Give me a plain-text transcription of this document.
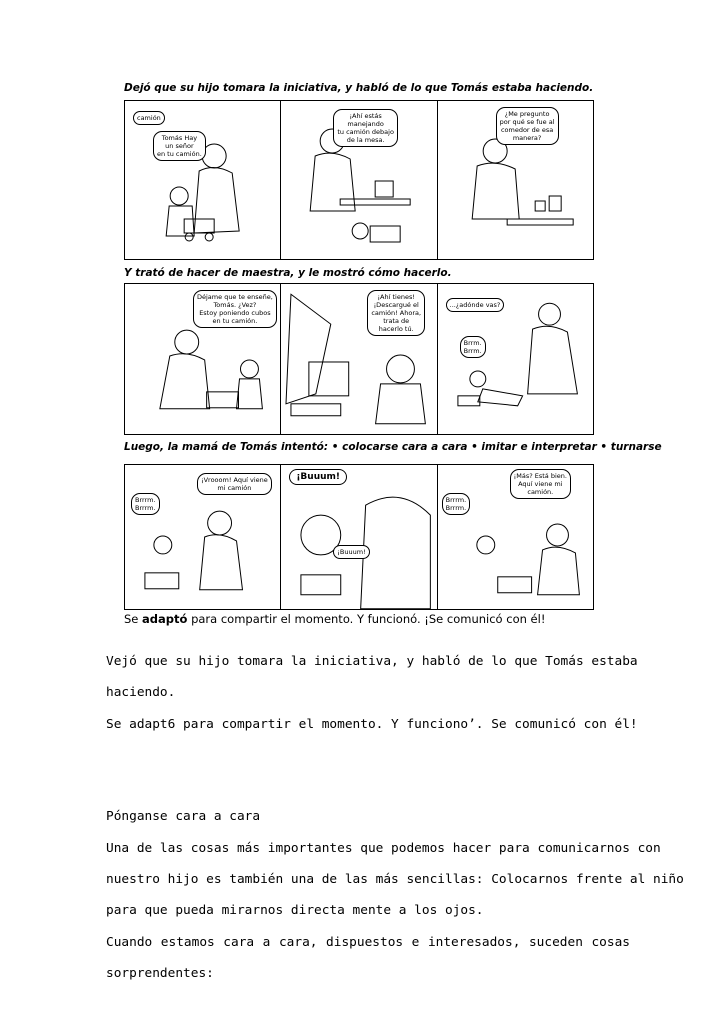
Dejó que su hijo tomara la iniciativa, y habló de lo que Tomás estaba haciendo.
camión
Tomás Hay
un señor
en tu camión.
¡Ahí estás
manejando
tu camión debajo
de la mesa.
¿Me pregunto
por qué se fue al
comedor de esa
manera?
Y trató de hacer de maestra, y le mostró cómo hacerlo.
Déjame que te enseñe,
Tomás. ¿Vez?
Estoy poniendo cubos
en tu camión.
¡Ahí tienes!
¡Descargué el
camión! Ahora,
trata de
hacerlo tú.
...¿adónde vas?
Brrm.
Brrm.
Luego, la mamá de Tomás intentó: • colocarse cara a cara • imitar e interpretar • turnarse
Brrrm.
Brrrm.
¡Vrooom! Aquí viene
mi camión
¡Buuum!
¡Buuum!
Brrrm.
Brrrm.
¡Más? Está bien.
Aquí viene mi
camión.
Se adaptó para compartir el momento. Y funcionó. ¡Se comunicó con él!
Vejó que su hijo tomara la iniciativa, y habló de lo que Tomás estaba
haciendo.
Se adapt6 para compartir el momento. Y funciono’. Se comunicó con él!
Pónganse cara a cara
Una de las cosas más importantes que podemos hacer para comunicarnos con
nuestro hijo es también una de las más sencillas: Colocarnos frente al niño
para que pueda mirarnos directa mente a los ojos.
Cuando estamos cara a cara, dispuestos e interesados, suceden cosas
sorprendentes:
